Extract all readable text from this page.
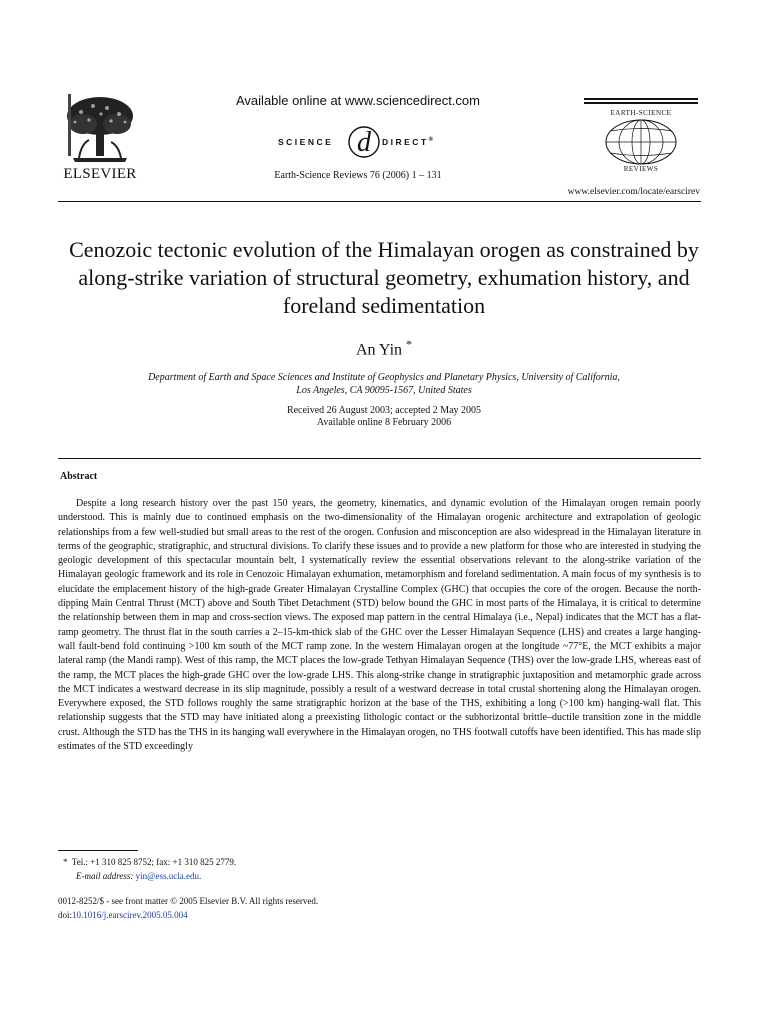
ELSEVIER
Available online at www.sciencedirect.com
SCIENCE d DIRECT®
Earth-Science Reviews 76 (2006) 1 – 131
EARTH-SCIENCE
REVIEWS
www.elsevier.com/locate/earscirev
Cenozoic tectonic evolution of the Himalayan orogen as constrained by along-strike variation of structural geometry, exhumation history, and foreland sedimentation
An Yin *
Department of Earth and Space Sciences and Institute of Geophysics and Planetary Physics, University of California,
Los Angeles, CA 90095-1567, United States
Received 26 August 2003; accepted 2 May 2005
Available online 8 February 2006
Abstract

Despite a long research history over the past 150 years, the geometry, kinematics, and dynamic evolution of the Himalayan orogen remain poorly understood. This is mainly due to continued emphasis on the two-dimensionality of the Himalayan orogenic architecture and extrapolation of geologic relationships from a few well-studied but small areas to the rest of the orogen. Confusion and misconception are also widespread in the Himalayan literature in terms of the geographic, stratigraphic, and structural divisions. To clarify these issues and to provide a new platform for those who are interested in studying the geologic development of this spectacular mountain belt, I systematically review the essential observations relevant to the along-strike variation of the Himalayan geologic framework and its role in Cenozoic Himalayan exhumation, metamorphism and foreland sedimentation. A main focus of my synthesis is to elucidate the emplacement history of the high-grade Greater Himalayan Crystalline Complex (GHC) that occupies the core of the orogen. Because the north-dipping Main Central Thrust (MCT) above and South Tibet Detachment (STD) below bound the GHC in most parts of the Himalaya, it is critical to determine the relationship between them in map and cross-section views. The exposed map pattern in the central Himalaya (i.e., Nepal) indicates that the MCT has a flat-ramp geometry. The thrust flat in the south carries a 2–15-km-thick slab of the GHC over the Lesser Himalayan Sequence (LHS) and creates a large hanging-wall fault-bend fold continuing >100 km south of the MCT ramp zone. In the western Himalayan orogen at the longitude ~77°E, the MCT exhibits a major lateral ramp (the Mandi ramp). West of this ramp, the MCT places the low-grade Tethyan Himalayan Sequence (THS) over the low-grade LHS, whereas east of the ramp, the MCT places the high-grade GHC over the low-grade LHS. This along-strike change in stratigraphic juxtaposition and metamorphic grade across the MCT indicates a westward decrease in its slip magnitude, possibly a result of a westward decrease in total crustal shortening along the Himalayan orogen. Everywhere exposed, the STD follows roughly the same stratigraphic horizon at the base of the THS, exhibiting a long (>100 km) hanging-wall flat. This relationship suggests that the STD may have initiated along a preexisting lithologic contact or the subhorizontal brittle–ductile transition zone in the middle crust. Although the STD has the THS in its hanging wall everywhere in the Himalayan orogen, no THS footwall cutoffs have been identified. This has made slip estimates of the STD exceedingly

* Tel.: +1 310 825 8752; fax: +1 310 825 2779.
E-mail address: yin@ess.ucla.edu.
0012-8252/$ - see front matter © 2005 Elsevier B.V. All rights reserved.
doi:10.1016/j.earscirev.2005.05.004
